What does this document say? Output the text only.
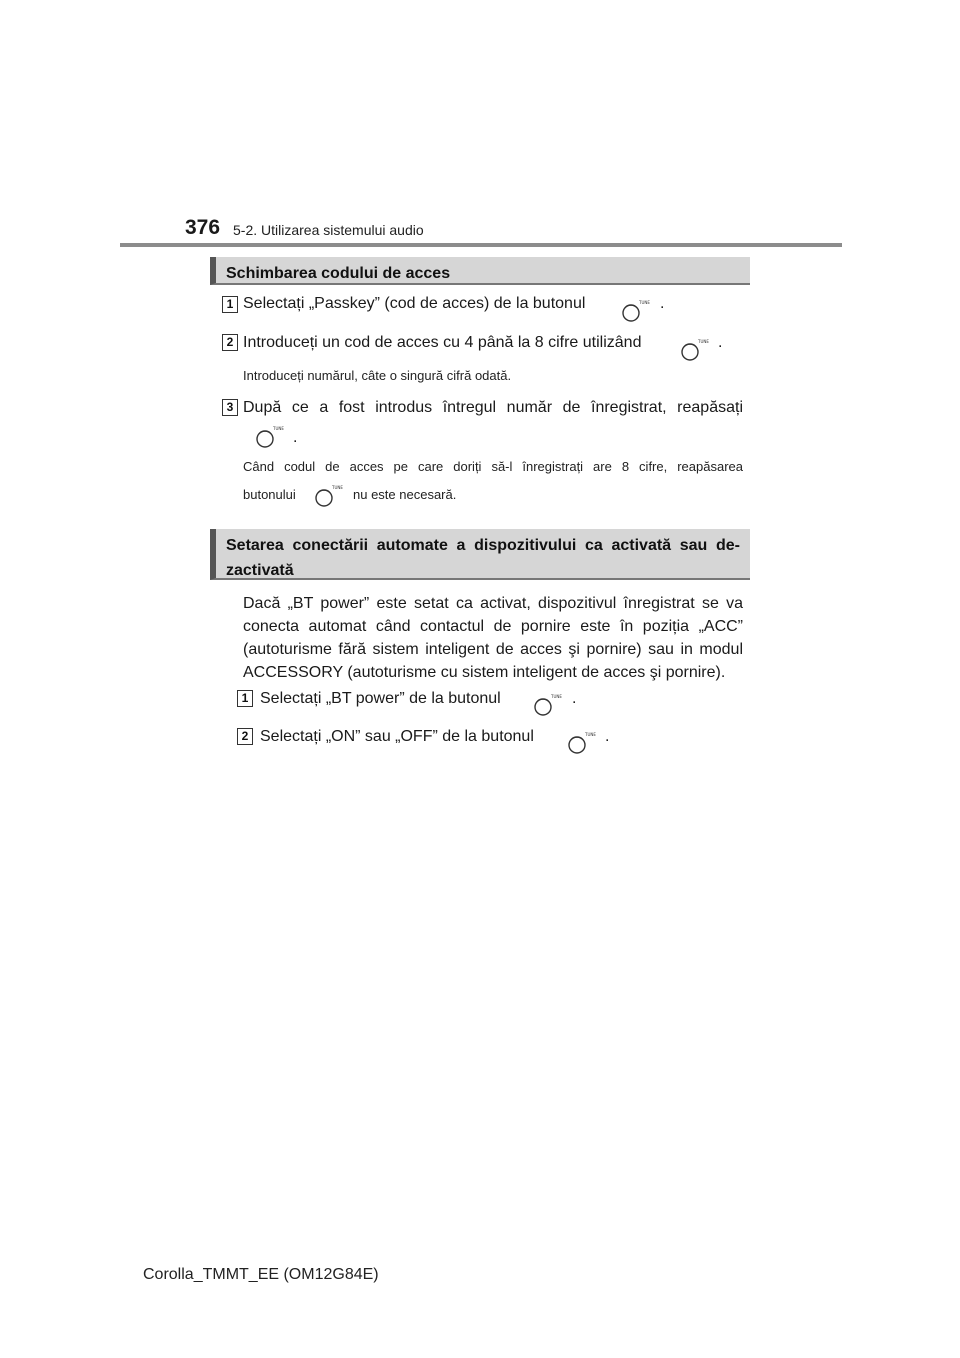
376 5-2. Utilizarea sistemului audio
Schimbarea codului de acces
1 Selectați „Passkey” (cod de acces) de la butonul	TUNE .
2 Introduceți un cod de acces cu 4 până la 8 cifre utilizând	TUNE .
Introduceți numărul, câte o singură cifră odată.
3 După ce a fost introdus întregul număr de înregistrat, reapăsați
TUNE
.
Când codul de acces pe care doriți să-l înregistrați are 8 cifre, reapăsarea
butonului	TUNE nu este necesară.
Setarea conectării automate a dispozitivului ca activată sau de-
zactivată
Dacă „BT power” este setat ca activat, dispozitivul înregistrat se va
conecta automat când contactul de pornire este în poziția „ACC”
(autoturisme fără sistem inteligent de acces şi pornire) sau in modul
ACCESSORY (autoturisme cu sistem inteligent de acces şi pornire).
1 Selectați „BT power” de la butonul	TUNE .
2 Selectați „ON” sau „OFF” de la butonul	TUNE .
Corolla_TMMT_EE (OM12G84E)
